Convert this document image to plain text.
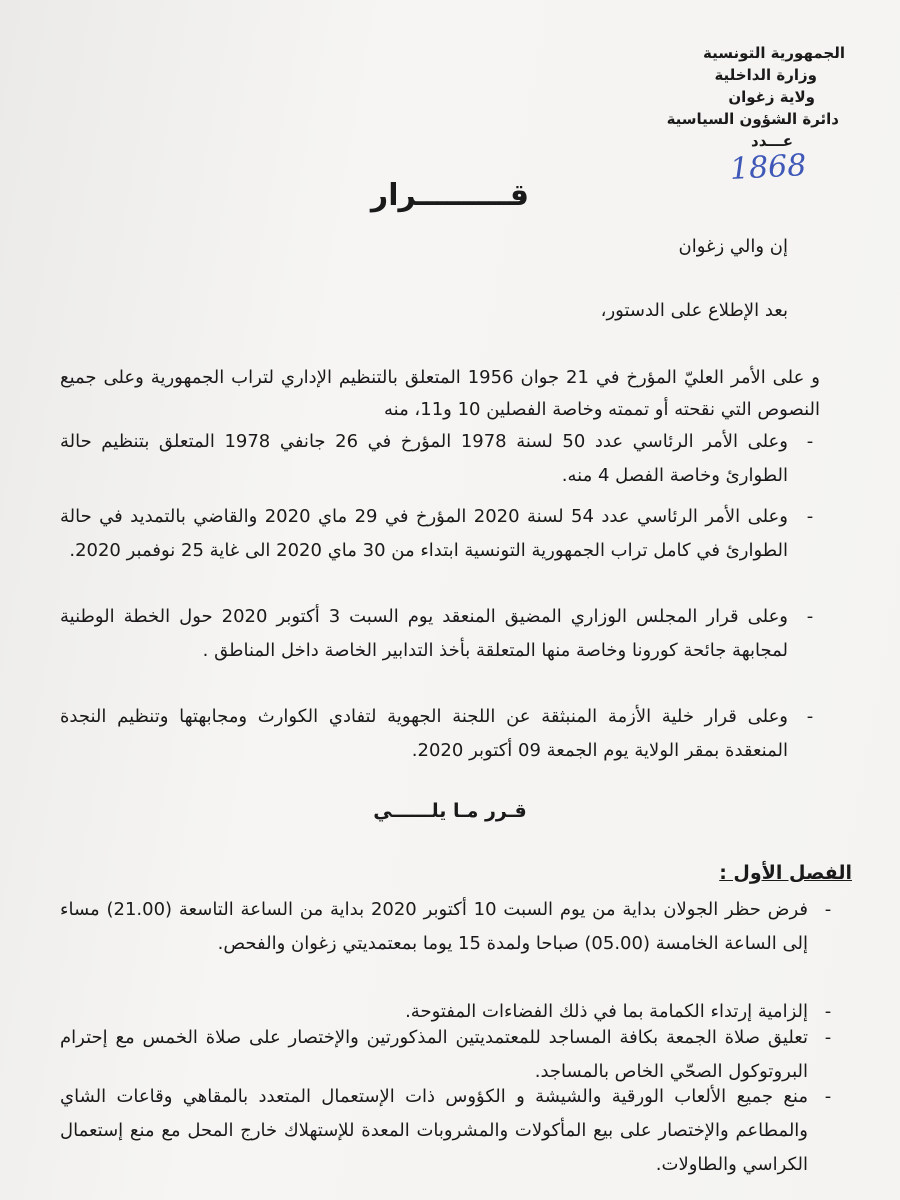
الجمهورية التونسية
وزارة الداخلية
ولاية زغوان
دائرة الشؤون السياسية
عـــدد
1868
قـــــــــرار
إن والي زغوان
بعد الإطلاع على الدستور،
و على الأمر العليّ المؤرخ في 21 جوان 1956 المتعلق بالتنظيم الإداري لتراب الجمهورية وعلى جميع النصوص التي نقحته أو تممته وخاصة الفصلين 10 و11، منه
-
وعلى الأمر الرئاسي عدد 50 لسنة 1978 المؤرخ في 26 جانفي 1978 المتعلق بتنظيم حالة الطوارئ وخاصة الفصل 4 منه.
-
وعلى الأمر الرئاسي عدد 54 لسنة 2020 المؤرخ في 29 ماي 2020 والقاضي بالتمديد في حالة الطوارئ في كامل تراب الجمهورية التونسية ابتداء من 30 ماي 2020 الى غاية 25 نوفمبر 2020.
-
وعلى قرار المجلس الوزاري المضيق المنعقد يوم السبت 3 أكتوبر 2020 حول الخطة الوطنية لمجابهة جائحة كورونا وخاصة منها المتعلقة بأخذ التدابير الخاصة داخل المناطق .
-
وعلى قرار خلية الأزمة المنبثقة عن اللجنة الجهوية لتفادي الكوارث ومجابهتها وتنظيم النجدة المنعقدة بمقر الولاية يوم الجمعة 09 أكتوبر 2020.
قـرر مـا يلــــــي
الفصل الأول :
-
فرض حظر الجولان بداية من يوم السبت 10 أكتوبر 2020 بداية من الساعة التاسعة (21.00) مساء إلى الساعة الخامسة (05.00) صباحا ولمدة 15 يوما بمعتمديتي زغوان والفحص.
-
إلزامية إرتداء الكمامة بما في ذلك الفضاءات المفتوحة.
-
تعليق صلاة الجمعة بكافة المساجد للمعتمديتين المذكورتين والإختصار على صلاة الخمس مع إحترام البروتوكول الصحّي الخاص بالمساجد.
-
منع جميع الألعاب الورقية والشيشة و الكؤوس ذات الإستعمال المتعدد بالمقاهي وقاعات الشاي والمطاعم والإختصار على بيع المأكولات والمشروبات المعدة للإستهلاك خارج المحل مع منع إستعمال الكراسي والطاولات.
